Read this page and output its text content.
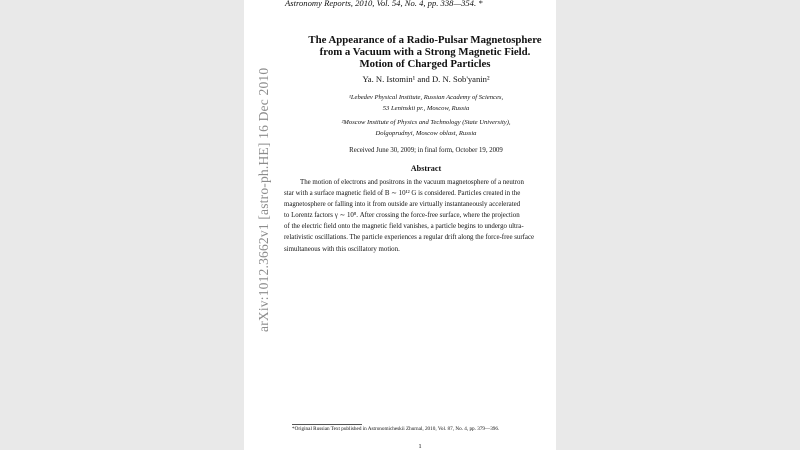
arXiv:1012.3662v1 [astro-ph.HE] 16 Dec 2010
Astronomy Reports, 2010, Vol. 54, No. 4, pp. 338—354. *
The Appearance of a Radio-Pulsar Magnetosphere
from a Vacuum with a Strong Magnetic Field.
Motion of Charged Particles
Ya. N. Istomin¹ and D. N. Sob'yanin²
¹Lebedev Physical Institute, Russian Academy of Sciences,
53 Leninskii pr., Moscow, Russia
²Moscow Institute of Physics and Technology (State University),
Dolgoprudnyi, Moscow oblast, Russia
Received June 30, 2009; in final form, October 19, 2009
Abstract
The motion of electrons and positrons in the vacuum magnetosphere of a neutron
star with a surface magnetic field of B ∼ 10¹² G is considered. Particles created in the
magnetosphere or falling into it from outside are virtually instantaneously accelerated
to Lorentz factors γ ∼ 10⁸. After crossing the force-free surface, where the projection
of the electric field onto the magnetic field vanishes, a particle begins to undergo ultra-
relativistic oscillations. The particle experiences a regular drift along the force-free surface
simultaneous with this oscillatory motion.
*Original Russian Text published in Astronomicheskii Zhurnal, 2010, Vol. 87, No. 4, pp. 379—396.
1
